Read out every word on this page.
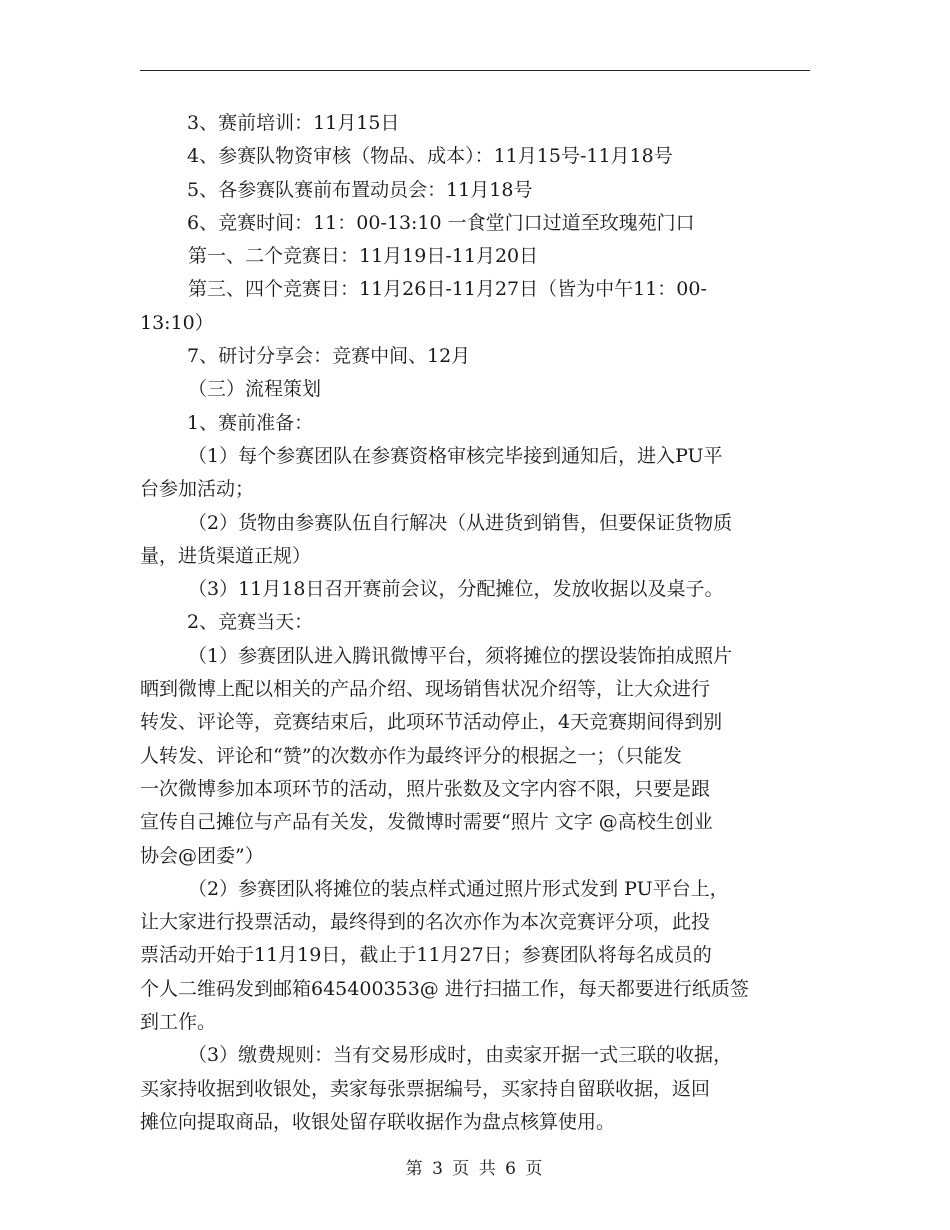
3、赛前培训：11月15日
4、参赛队物资审核（物品、成本）：11月15号-11月18号
5、各参赛队赛前布置动员会：11月18号
6、竞赛时间：11：00-13:10 一食堂门口过道至玫瑰苑门口
第一、二个竞赛日：11月19日-11月20日
第三、四个竞赛日：11月26日-11月27日（皆为中午11：00-
13:10）
7、研讨分享会：竞赛中间、12月
（三）流程策划
1、赛前准备：
（1）每个参赛团队在参赛资格审核完毕接到通知后，进入PU平
台参加活动；
（2）货物由参赛队伍自行解决（从进货到销售，但要保证货物质
量，进货渠道正规）
（3）11月18日召开赛前会议，分配摊位，发放收据以及桌子。
2、竞赛当天：
（1）参赛团队进入腾讯微博平台，须将摊位的摆设装饰拍成照片
晒到微博上配以相关的产品介绍、现场销售状况介绍等，让大众进行
转发、评论等，竞赛结束后，此项环节活动停止，4天竞赛期间得到别
人转发、评论和“赞”的次数亦作为最终评分的根据之一；（只能发
一次微博参加本项环节的活动，照片张数及文字内容不限，只要是跟
宣传自己摊位与产品有关发，发微博时需要“照片 文字 @高校生创业
协会@团委”）
（2）参赛团队将摊位的装点样式通过照片形式发到 PU平台上，
让大家进行投票活动，最终得到的名次亦作为本次竞赛评分项，此投
票活动开始于11月19日，截止于11月27日；参赛团队将每名成员的
个人二维码发到邮箱645400353@ 进行扫描工作，每天都要进行纸质签
到工作。
（3）缴费规则：当有交易形成时，由卖家开据一式三联的收据，
买家持收据到收银处，卖家每张票据编号，买家持自留联收据，返回
摊位向提取商品，收银处留存联收据作为盘点核算使用。
第 3 页 共 6 页
